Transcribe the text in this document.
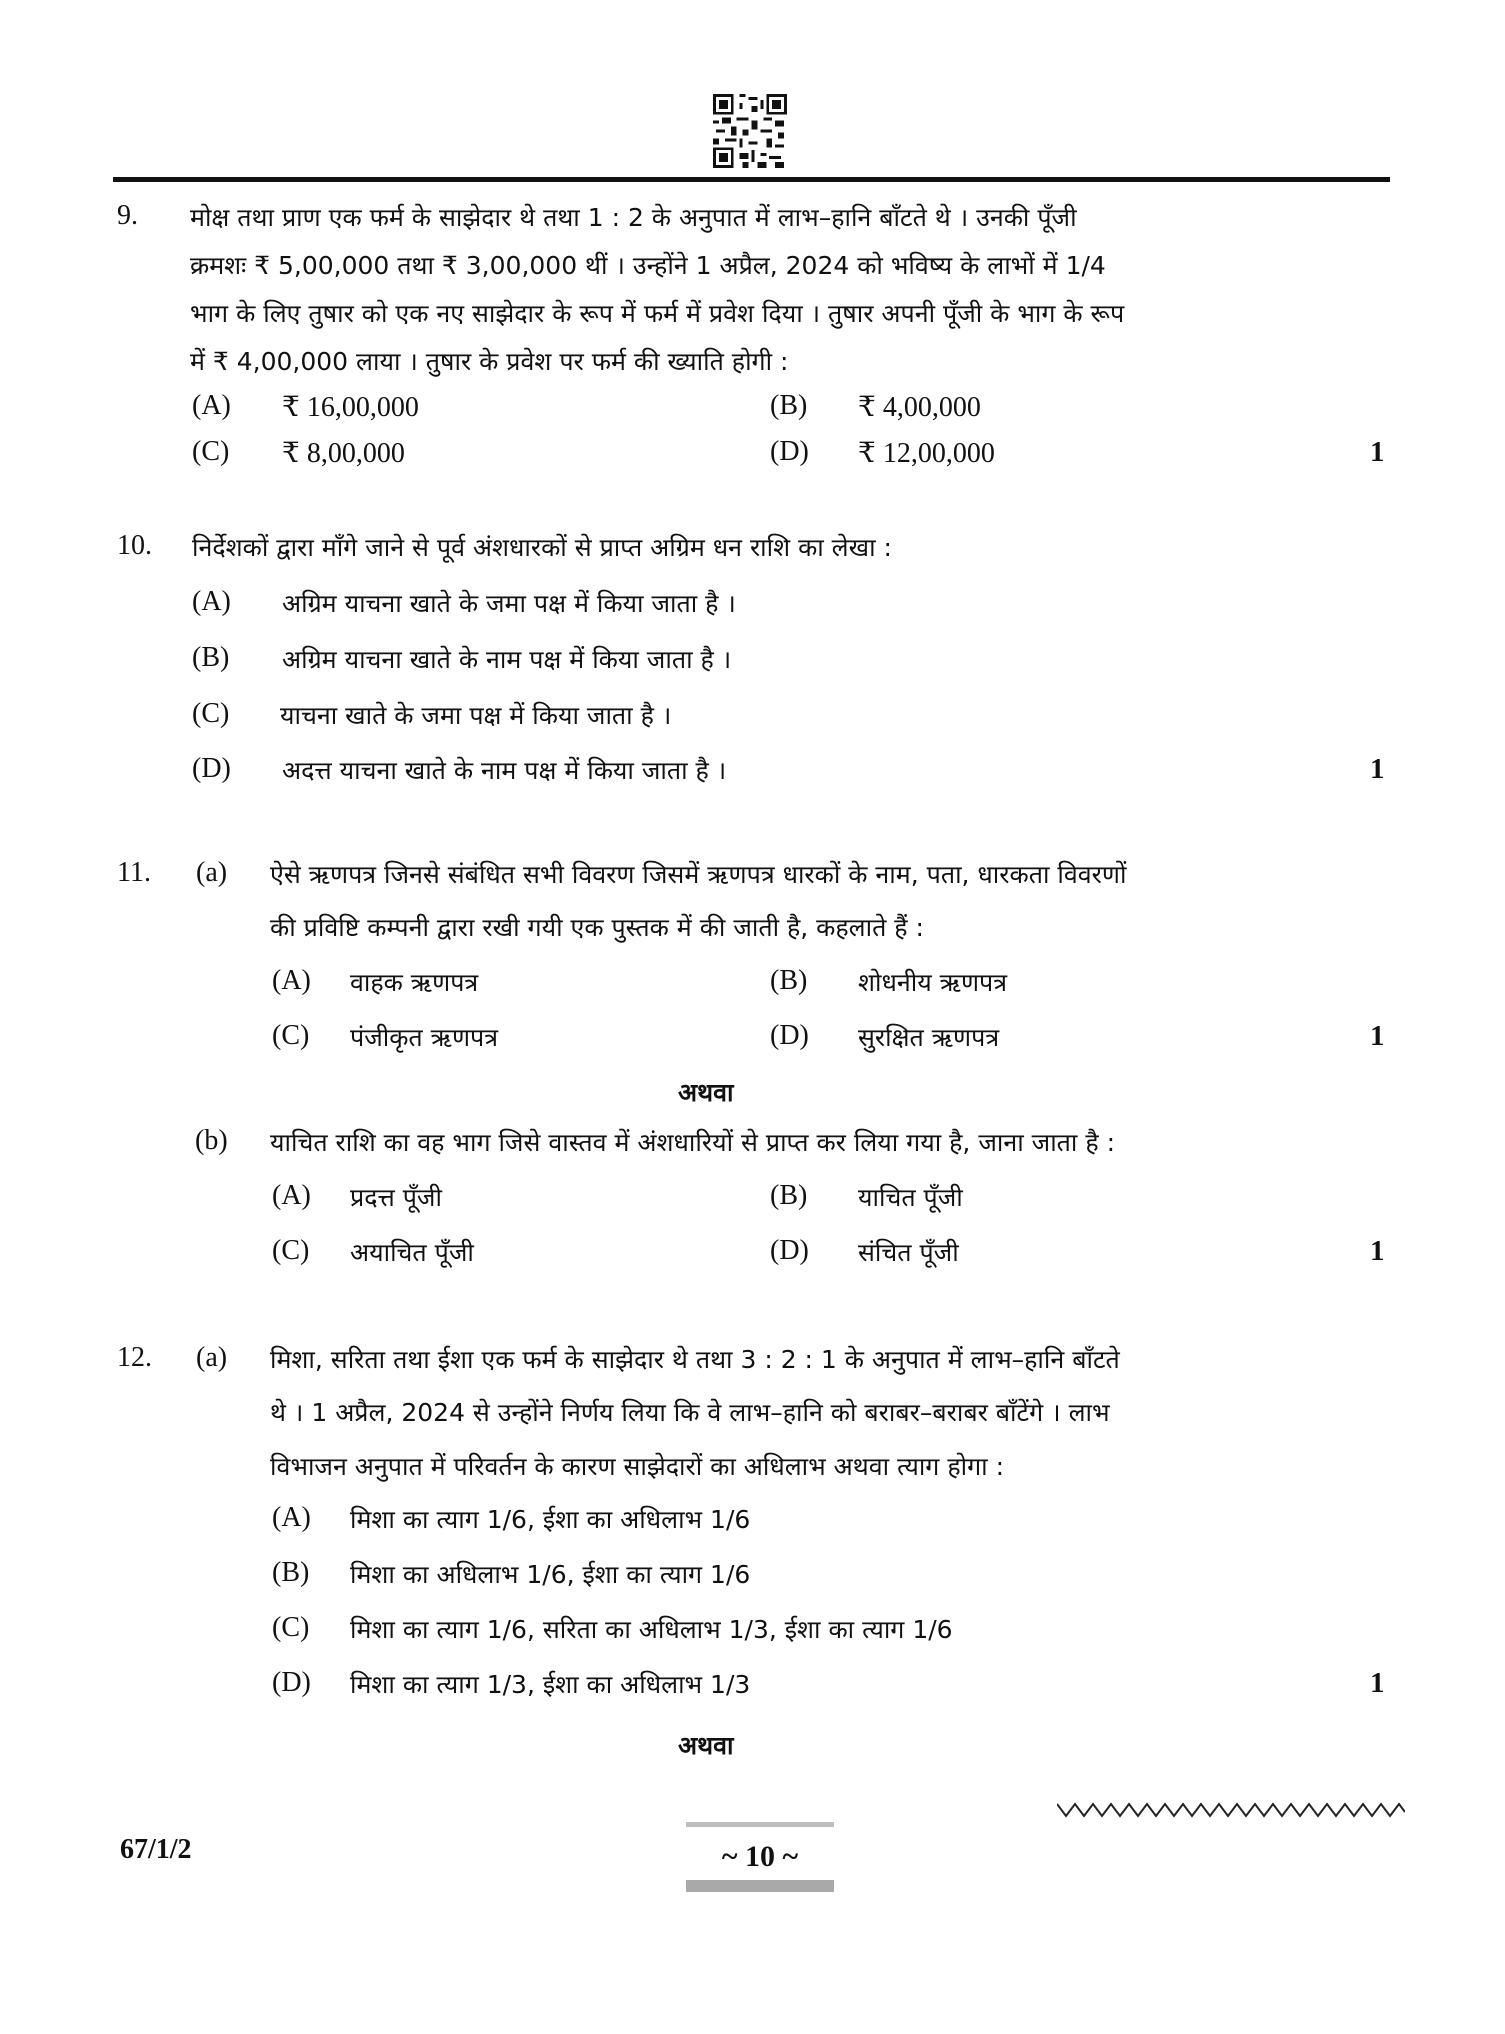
9. मोक्ष तथा प्राण एक फर्म के साझेदार थे तथा 1 : 2 के अनुपात में लाभ–हानि बाँटते थे । उनकी पूँजी
क्रमशः ₹ 5,00,000 तथा ₹ 3,00,000 थीं । उन्होंने 1 अप्रैल, 2024 को भविष्य के लाभों में 1/4
भाग के लिए तुषार को एक नए साझेदार के रूप में फर्म में प्रवेश दिया । तुषार अपनी पूँजी के भाग के रूप
में ₹ 4,00,000 लाया । तुषार के प्रवेश पर फर्म की ख्याति होगी :
(A) ₹ 16,00,000	(B) ₹ 4,00,000
(C) ₹ 8,00,000	(D) ₹ 12,00,000	1
10. निर्देशकों द्वारा माँगे जाने से पूर्व अंशधारकों से प्राप्त अग्रिम धन राशि का लेखा :
(A) अग्रिम याचना खाते के जमा पक्ष में किया जाता है ।
(B) अग्रिम याचना खाते के नाम पक्ष में किया जाता है ।
(C) याचना खाते के जमा पक्ष में किया जाता है ।
(D) अदत्त याचना खाते के नाम पक्ष में किया जाता है ।	1
11. (a) ऐसे ऋणपत्र जिनसे संबंधित सभी विवरण जिसमें ऋणपत्र धारकों के नाम, पता, धारकता विवरणों
की प्रविष्टि कम्पनी द्वारा रखी गयी एक पुस्तक में की जाती है, कहलाते हैं :
(A) वाहक ऋणपत्र	(B) शोधनीय ऋणपत्र
(C) पंजीकृत ऋणपत्र	(D) सुरक्षित ऋणपत्र	1
अथवा
(b) याचित राशि का वह भाग जिसे वास्तव में अंशधारियों से प्राप्त कर लिया गया है, जाना जाता है :
(A) प्रदत्त पूँजी	(B) याचित पूँजी
(C) अयाचित पूँजी	(D) संचित पूँजी	1
12. (a) मिशा, सरिता तथा ईशा एक फर्म के साझेदार थे तथा 3 : 2 : 1 के अनुपात में लाभ–हानि बाँटते
थे । 1 अप्रैल, 2024 से उन्होंने निर्णय लिया कि वे लाभ–हानि को बराबर–बराबर बाँटेंगे । लाभ
विभाजन अनुपात में परिवर्तन के कारण साझेदारों का अधिलाभ अथवा त्याग होगा :
(A) मिशा का त्याग 1/6, ईशा का अधिलाभ 1/6
(B) मिशा का अधिलाभ 1/6, ईशा का त्याग 1/6
(C) मिशा का त्याग 1/6, सरिता का अधिलाभ 1/3, ईशा का त्याग 1/6
(D) मिशा का त्याग 1/3, ईशा का अधिलाभ 1/3	1
अथवा
67/1/2	~ 10 ~
